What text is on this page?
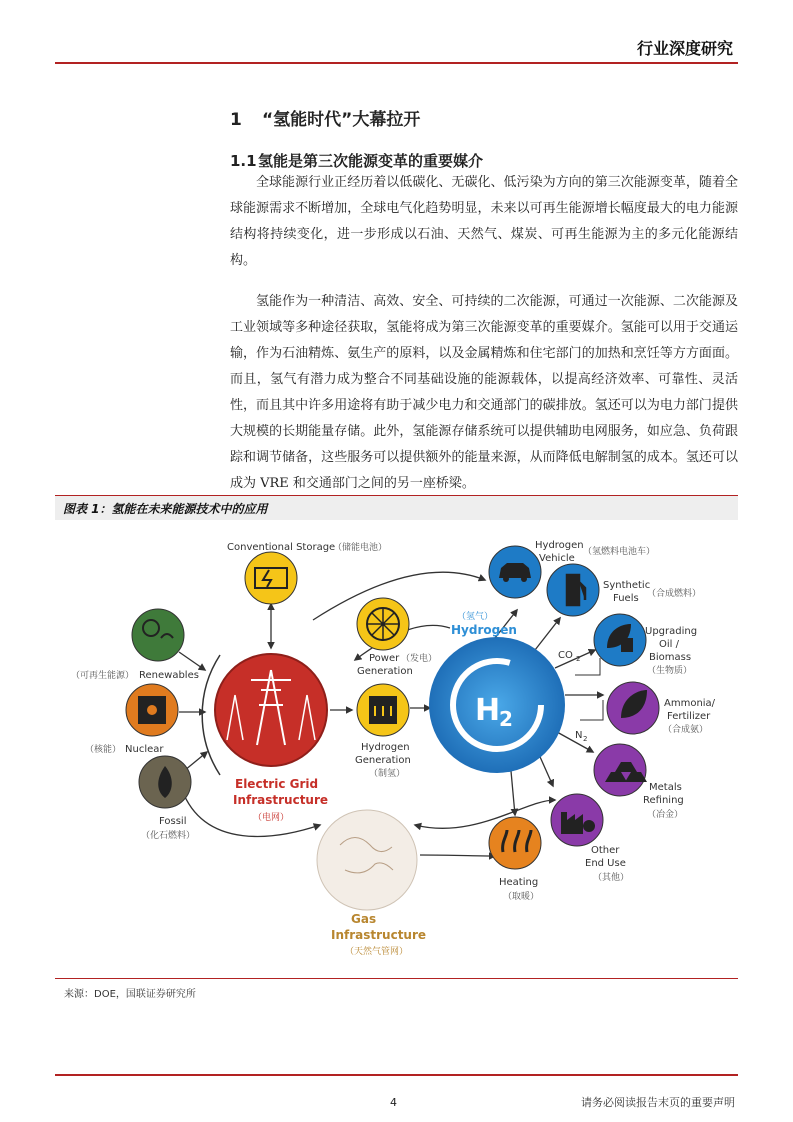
行业深度研究
1 “氢能时代”大幕拉开
1.1氢能是第三次能源变革的重要媒介

全球能源行业正经历着以低碳化、无碳化、低污染为方向的第三次能源变革，随着全球能源需求不断增加，全球电气化趋势明显，未来以可再生能源增长幅度最大的电力能源结构将持续变化，进一步形成以石油、天然气、煤炭、可再生能源为主的多元化能源结构。

氢能作为一种清洁、高效、安全、可持续的二次能源，可通过一次能源、二次能源及工业领域等多种途径获取，氢能将成为第三次能源变革的重要媒介。氢能可以用于交通运输，作为石油精炼、氨生产的原料，以及金属精炼和住宅部门的加热和烹饪等方方面面。而且，氢气有潜力成为整合不同基础设施的能源载体，以提高经济效率、可靠性、灵活性，而且其中许多用途将有助于减少电力和交通部门的碳排放。氢还可以为电力部门提供大规模的长期能量存储。此外，氢能源存储系统可以提供辅助电网服务，如应急、负荷跟踪和调节储备，这些服务可以提供额外的能量来源，从而降低电解制氢的成本。氢还可以成为 VRE 和交通部门之间的另一座桥梁。

图表 1：氢能在未来能源技术中的应用
Conventional Storage
（储能电池）
Renewables
（可再生能源）
Nuclear
（核能）
Fossil
（化石燃料）
Electric Grid
Infrastructure
（电网）
Power （发电）
Generation
Hydrogen
Generation
（制氢）
（氢气）
Hydrogen
H
2
Gas
Infrastructure
（天然气管网）
Heating
（取暖）
Hydrogen
Vehicle
（氢燃料电池车）
Synthetic
Fuels （合成燃料）
CO 2
Upgrading
Oil /
Biomass
（生物质）
Ammonia/
Fertilizer
（合成氨）
N 2
Metals
Refining
（冶金）
Other
End Use
（其他）
来源：DOE，国联证券研究所
4	请务必阅读报告末页的重要声明
